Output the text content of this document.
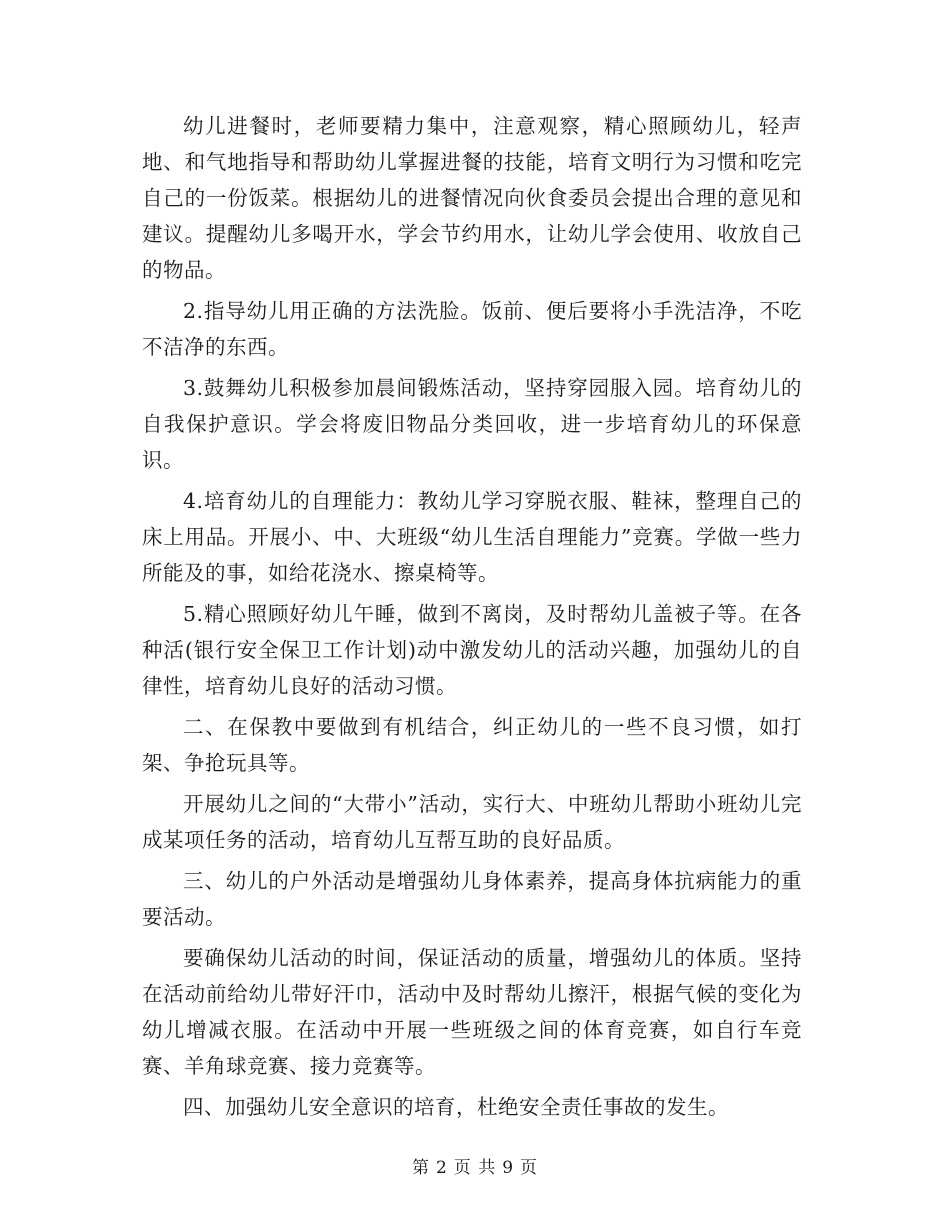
幼儿进餐时，老师要精力集中，注意观察，精心照顾幼儿，轻声地、和气地指导和帮助幼儿掌握进餐的技能，培育文明行为习惯和吃完自己的一份饭菜。根据幼儿的进餐情况向伙食委员会提出合理的意见和建议。提醒幼儿多喝开水，学会节约用水，让幼儿学会使用、收放自己的物品。

2.指导幼儿用正确的方法洗脸。饭前、便后要将小手洗洁净，不吃不洁净的东西。

3.鼓舞幼儿积极参加晨间锻炼活动，坚持穿园服入园。培育幼儿的自我保护意识。学会将废旧物品分类回收，进一步培育幼儿的环保意识。

4.培育幼儿的自理能力：教幼儿学习穿脱衣服、鞋袜，整理自己的床上用品。开展小、中、大班级“幼儿生活自理能力”竞赛。学做一些力所能及的事，如给花浇水、擦桌椅等。

5.精心照顾好幼儿午睡，做到不离岗，及时帮幼儿盖被子等。在各种活(银行安全保卫工作计划)动中激发幼儿的活动兴趣，加强幼儿的自律性，培育幼儿良好的活动习惯。

二、在保教中要做到有机结合，纠正幼儿的一些不良习惯，如打架、争抢玩具等。

开展幼儿之间的“大带小”活动，实行大、中班幼儿帮助小班幼儿完成某项任务的活动，培育幼儿互帮互助的良好品质。

三、幼儿的户外活动是增强幼儿身体素养，提高身体抗病能力的重要活动。

要确保幼儿活动的时间，保证活动的质量，增强幼儿的体质。坚持在活动前给幼儿带好汗巾，活动中及时帮幼儿擦汗，根据气候的变化为幼儿增减衣服。在活动中开展一些班级之间的体育竞赛，如自行车竞赛、羊角球竞赛、接力竞赛等。

四、加强幼儿安全意识的培育，杜绝安全责任事故的发生。

第 2 页 共 9 页
